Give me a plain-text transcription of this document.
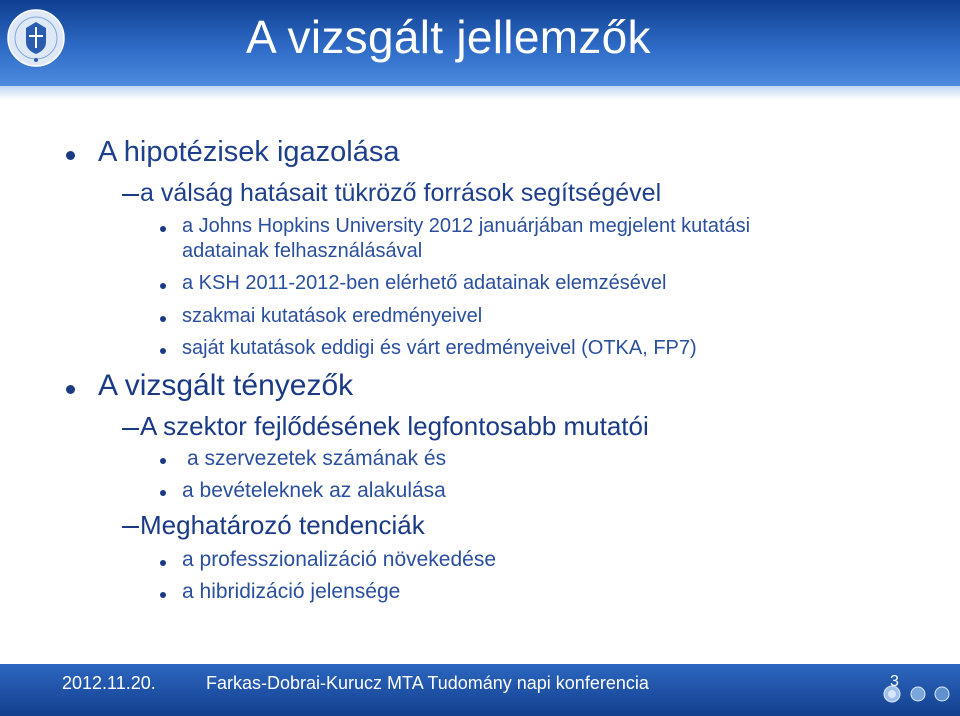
A vizsgált jellemzők
A hipotézisek igazolása
a válság hatásait tükröző források segítségével
a Johns Hopkins University 2012 januárjában megjelent kutatási
adatainak felhasználásával
a KSH 2011-2012-ben elérhető adatainak elemzésével
szakmai kutatások eredményeivel
saját kutatások eddigi és várt eredményeivel (OTKA, FP7)
A vizsgált tényezők
A szektor fejlődésének legfontosabb mutatói
a szervezetek számának és
a bevételeknek az alakulása
Meghatározó tendenciák
a professzionalizáció növekedése
a hibridizáció jelensége
2012.11.20.	Farkas-Dobrai-Kurucz MTA Tudomány napi konferencia	3
